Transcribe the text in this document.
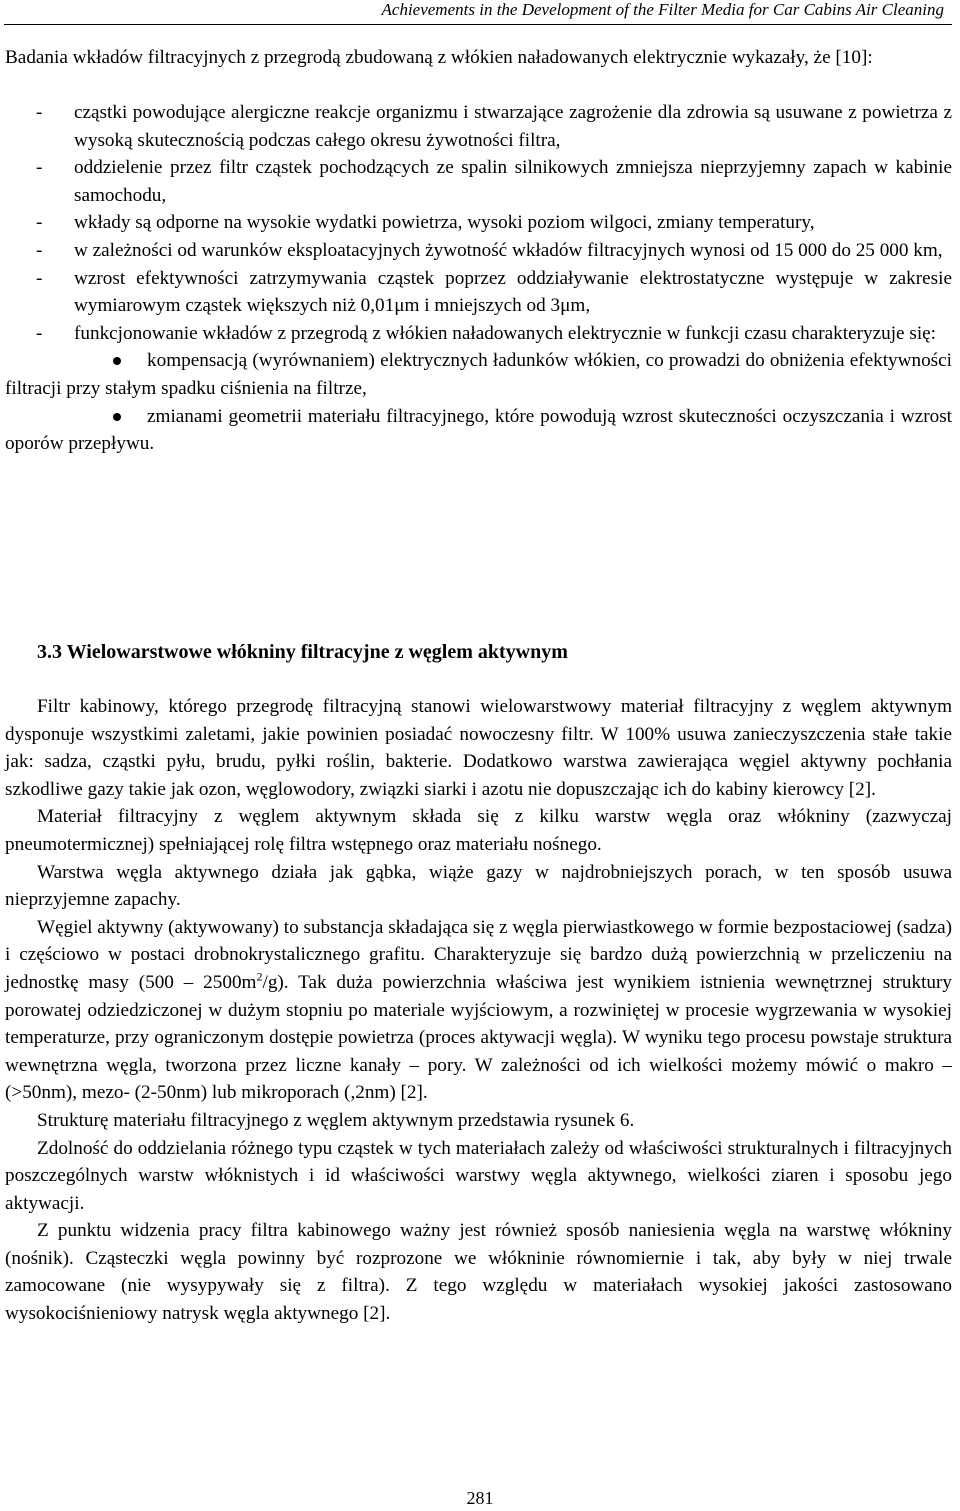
Achievements in the Development of the Filter Media for Car Cabins Air Cleaning

Badania wkładów filtracyjnych z przegrodą zbudowaną z włókien naładowanych elektrycznie wykazały, że [10]:

- cząstki powodujące alergiczne reakcje organizmu i stwarzające zagrożenie dla zdrowia są usuwane z powietrza z wysoką skutecznością podczas całego okresu żywotności filtra,

- oddzielenie przez filtr cząstek pochodzących ze spalin silnikowych zmniejsza nieprzyjemny zapach w kabinie samochodu,

- wkłady są odporne na wysokie wydatki powietrza, wysoki poziom wilgoci, zmiany temperatury,

- w zależności od warunków eksploatacyjnych żywotność wkładów filtracyjnych wynosi od 15 000 do 25 000 km,

- wzrost efektywności zatrzymywania cząstek poprzez oddziaływanie elektrostatyczne występuje w zakresie wymiarowym cząstek większych niż 0,01μm i mniejszych od 3μm,

- funkcjonowanie wkładów z przegrodą z włókien naładowanych elektrycznie w funkcji czasu charakteryzuje się:

kompensacją (wyrównaniem) elektrycznych ładunków włókien, co prowadzi do obniżenia efektywności filtracji przy stałym spadku ciśnienia na filtrze,

zmianami geometrii materiału filtracyjnego, które powodują wzrost skuteczności oczyszczania i wzrost oporów przepływu.

3.3 Wielowarstwowe włókniny filtracyjne z węglem aktywnym

Filtr kabinowy, którego przegrodę filtracyjną stanowi wielowarstwowy materiał filtracyjny z węglem aktywnym dysponuje wszystkimi zaletami, jakie powinien posiadać nowoczesny filtr. W 100% usuwa zanieczyszczenia stałe takie jak: sadza, cząstki pyłu, brudu, pyłki roślin, bakterie. Dodatkowo warstwa zawierająca węgiel aktywny pochłania szkodliwe gazy takie jak ozon, węglowodory, związki siarki i azotu nie dopuszczając ich do kabiny kierowcy [2].

Materiał filtracyjny z węglem aktywnym składa się z kilku warstw węgla oraz włókniny (zazwyczaj pneumotermicznej) spełniającej rolę filtra wstępnego oraz materiału nośnego.

Warstwa węgla aktywnego działa jak gąbka, wiąże gazy w najdrobniejszych porach, w ten sposób usuwa nieprzyjemne zapachy.

Węgiel aktywny (aktywowany) to substancja składająca się z węgla pierwiastkowego w formie bezpostaciowej (sadza) i częściowo w postaci drobnokrystalicznego grafitu. Charakteryzuje się bardzo dużą powierzchnią w przeliczeniu na jednostkę masy $(500 - 2500m^2/g)$. Tak duża powierzchnia właściwa jest wynikiem istnienia wewnętrznej struktury porowatej odziedziczonej w dużym stopniu po materiale wyjściowym, a rozwiniętej w procesie wygrzewania w wysokiej temperaturze, przy ograniczonym dostępie powietrza (proces aktywacji węgla). W wyniku tego procesu powstaje struktura wewnętrzna węgla, tworzona przez liczne kanały – pory. W zależności od ich wielkości możemy mówić o makro – (>50nm), mezo- (2-50nm) lub mikroporach (,2nm) [2].

Strukturę materiału filtracyjnego z węglem aktywnym przedstawia rysunek 6.

Zdolność do oddzielania różnego typu cząstek w tych materiałach zależy od właściwości strukturalnych i filtracyjnych poszczególnych warstw włóknistych i id właściwości warstwy węgla aktywnego, wielkości ziaren i sposobu jego aktywacji.

Z punktu widzenia pracy filtra kabinowego ważny jest również sposób naniesienia węgla na warstwę włókniny (nośnik). Cząsteczki węgla powinny być rozprozone we włókninie równomiernie i tak, aby były w niej trwale zamocowane (nie wysypywały się z filtra). Z tego względu w materiałach wysokiej jakości zastosowano wysokociśnieniowy natrysk węgla aktywnego [2].

281
